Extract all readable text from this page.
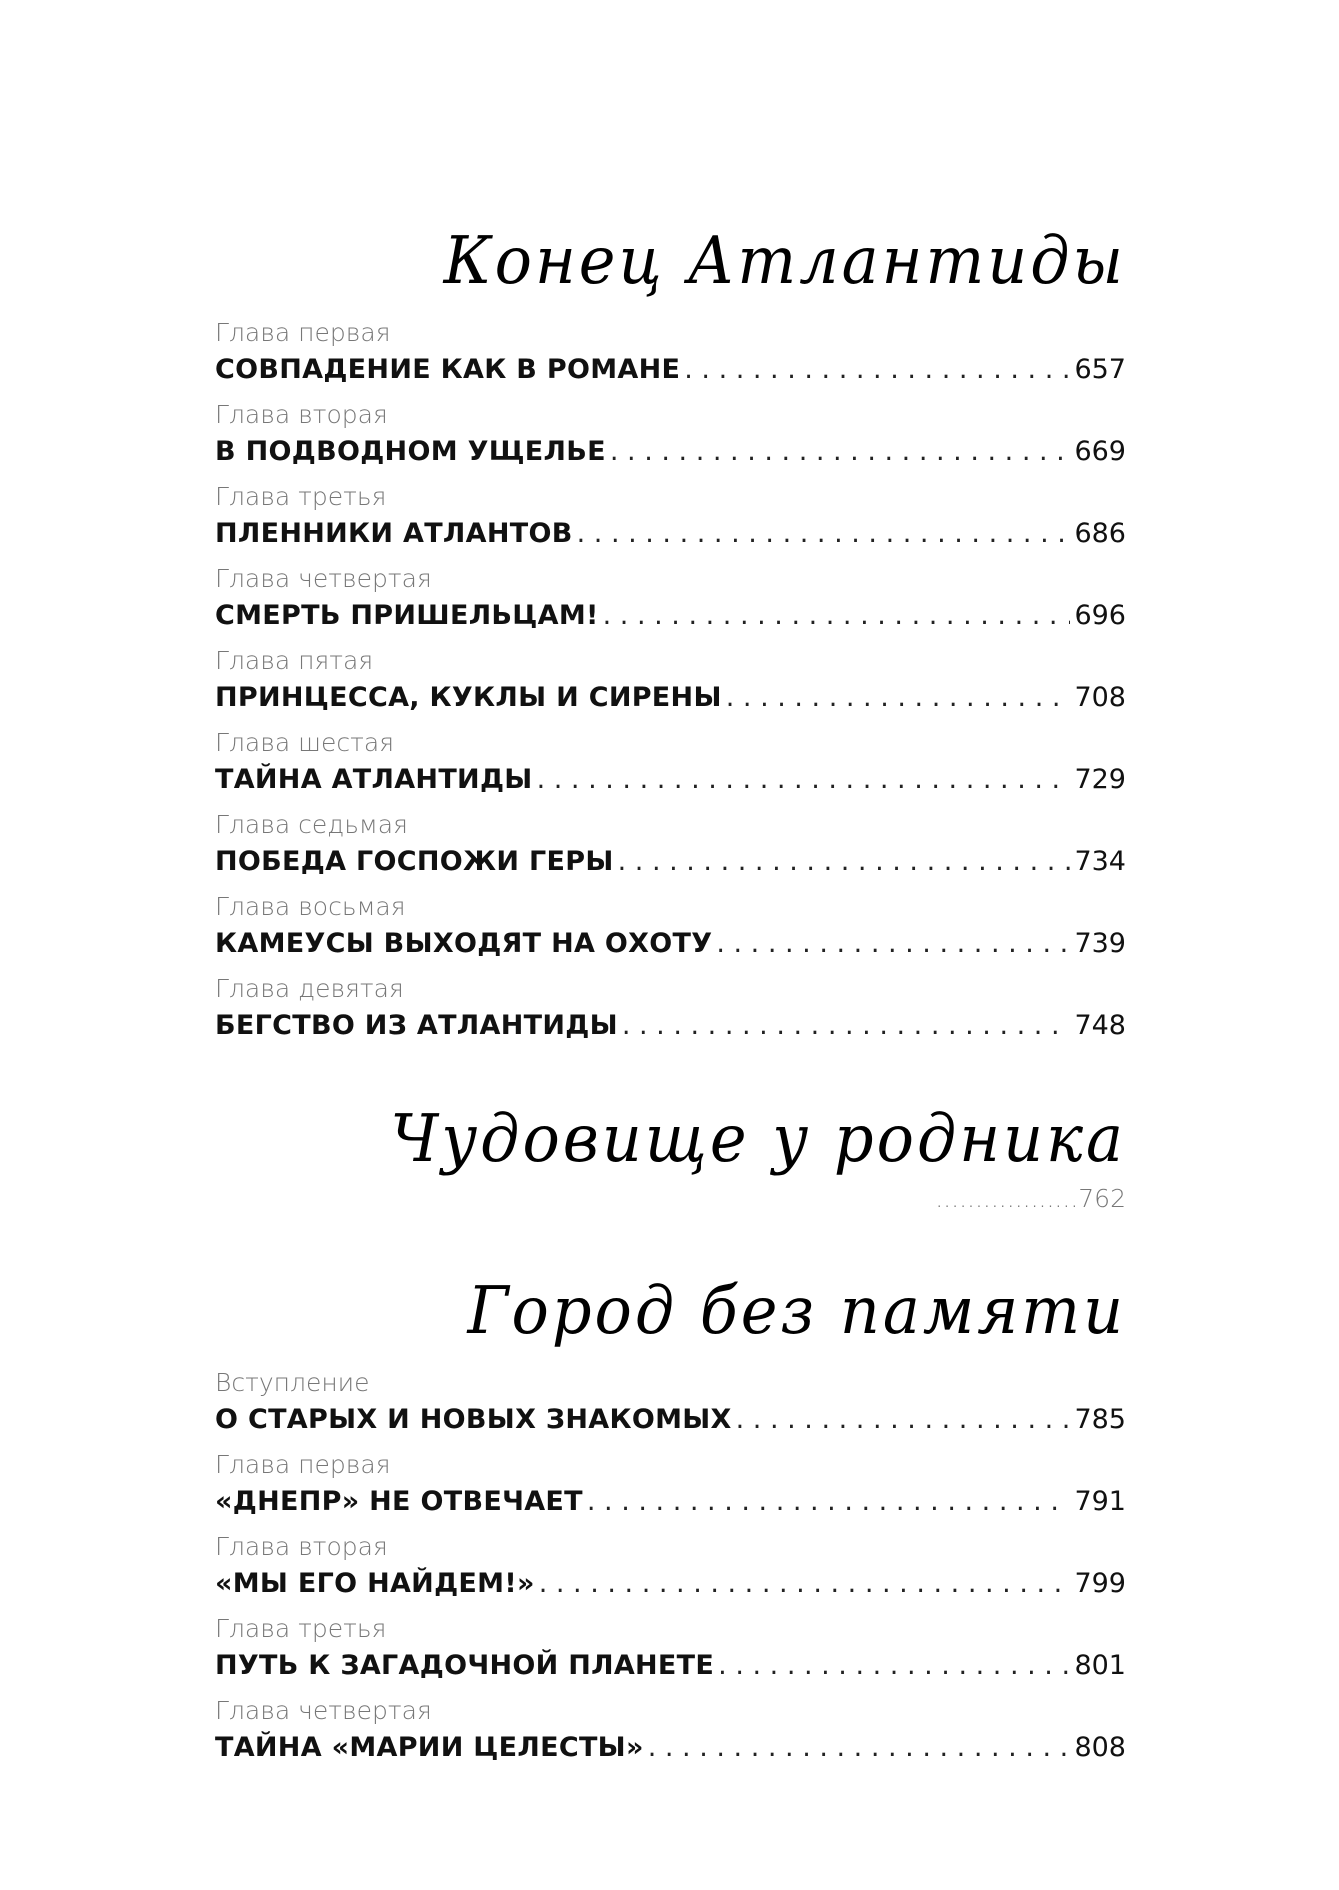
Конец Атлантиды
Глава первая
СОВПАДЕНИЕ КАК В РОМАНЕ . . .	657
Глава вторая
В ПОДВОДНОМ УЩЕЛЬЕ . . .	669
Глава третья
ПЛЕННИКИ АТЛАНТОВ . . .	686
Глава четвертая
СМЕРТЬ ПРИШЕЛЬЦАМ! . . .	696
Глава пятая
ПРИНЦЕССА, КУКЛЫ И СИРЕНЫ . . .	708
Глава шестая
ТАЙНА АТЛАНТИДЫ . . .	729
Глава седьмая
ПОБЕДА ГОСПОЖИ ГЕРЫ . . .	734
Глава восьмая
КАМЕУСЫ ВЫХОДЯТ НА ОХОТУ . . .	739
Глава девятая
БЕГСТВО ИЗ АТЛАНТИДЫ . . .	748
Чудовище у родника
..................762
Город без памяти
Вступление
О СТАРЫХ И НОВЫХ ЗНАКОМЫХ . . .	785
Глава первая
«ДНЕПР» НЕ ОТВЕЧАЕТ . . .	791
Глава вторая
«МЫ ЕГО НАЙДЕМ!» . . .	799
Глава третья
ПУТЬ К ЗАГАДОЧНОЙ ПЛАНЕТЕ . . .	801
Глава четвертая
ТАЙНА «МАРИИ ЦЕЛЕСТЫ» . . .	808
